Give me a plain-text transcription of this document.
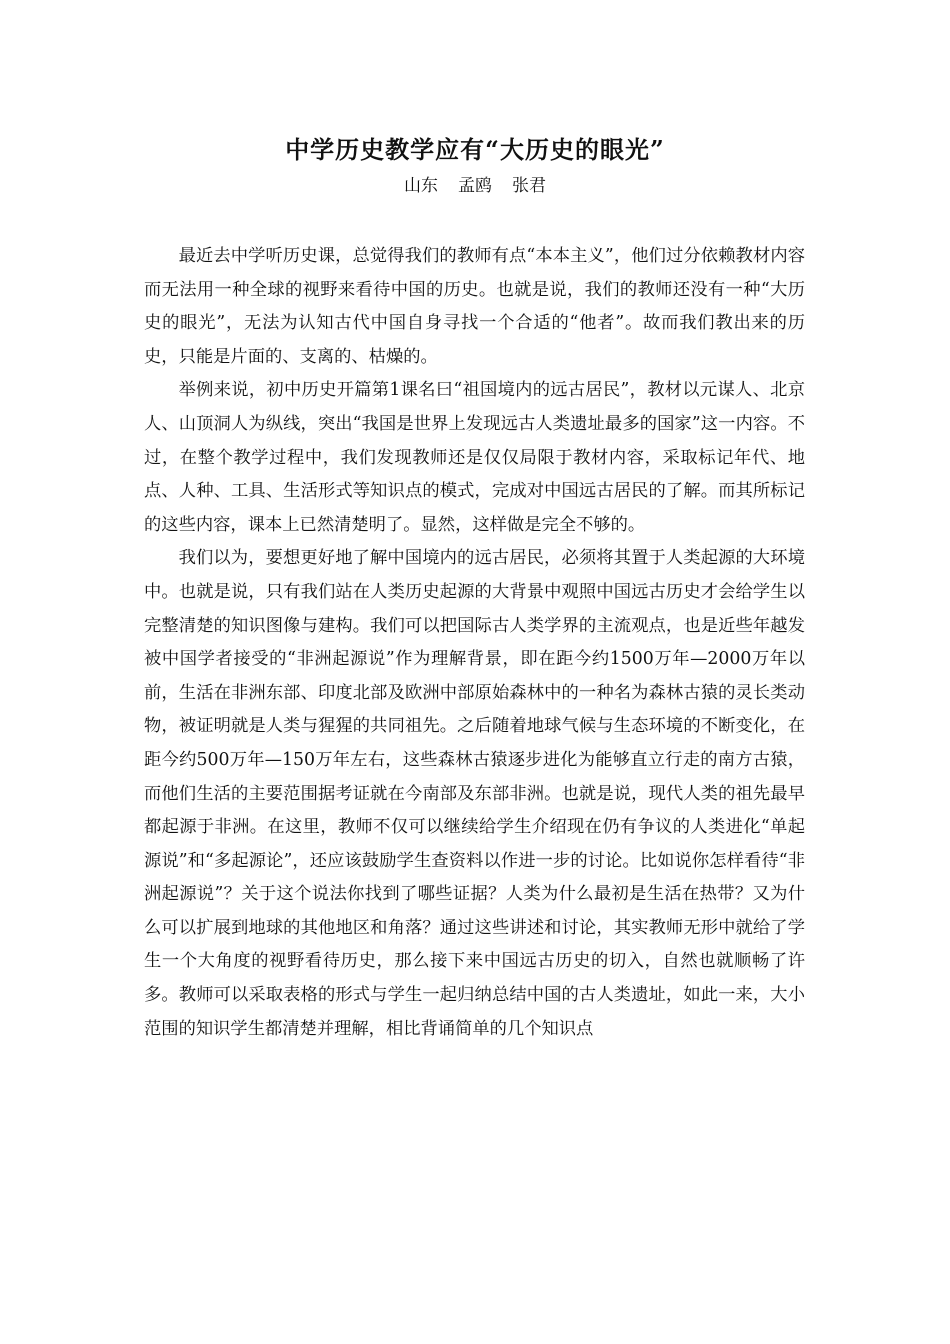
中学历史教学应有“大历史的眼光”
山东 孟鸥 张君

最近去中学听历史课，总觉得我们的教师有点“本本主义”，他们过分依赖教材内容而无法用一种全球的视野来看待中国的历史。也就是说，我们的教师还没有一种“大历史的眼光”，无法为认知古代中国自身寻找一个合适的“他者”。故而我们教出来的历史，只能是片面的、支离的、枯燥的。

举例来说，初中历史开篇第1课名曰“祖国境内的远古居民”，教材以元谋人、北京人、山顶洞人为纵线，突出“我国是世界上发现远古人类遗址最多的国家”这一内容。不过，在整个教学过程中，我们发现教师还是仅仅局限于教材内容，采取标记年代、地点、人种、工具、生活形式等知识点的模式，完成对中国远古居民的了解。而其所标记的这些内容，课本上已然清楚明了。显然，这样做是完全不够的。

我们以为，要想更好地了解中国境内的远古居民，必须将其置于人类起源的大环境中。也就是说，只有我们站在人类历史起源的大背景中观照中国远古历史才会给学生以完整清楚的知识图像与建构。我们可以把国际古人类学界的主流观点，也是近些年越发被中国学者接受的“非洲起源说”作为理解背景，即在距今约1500万年—2000万年以前，生活在非洲东部、印度北部及欧洲中部原始森林中的一种名为森林古猿的灵长类动物，被证明就是人类与猩猩的共同祖先。之后随着地球气候与生态环境的不断变化，在距今约500万年—150万年左右，这些森林古猿逐步进化为能够直立行走的南方古猿，而他们生活的主要范围据考证就在今南部及东部非洲。也就是说，现代人类的祖先最早都起源于非洲。在这里，教师不仅可以继续给学生介绍现在仍有争议的人类进化“单起源说”和“多起源论”，还应该鼓励学生查资料以作进一步的讨论。比如说你怎样看待“非洲起源说”？关于这个说法你找到了哪些证据？人类为什么最初是生活在热带？又为什么可以扩展到地球的其他地区和角落？通过这些讲述和讨论，其实教师无形中就给了学生一个大角度的视野看待历史，那么接下来中国远古历史的切入，自然也就顺畅了许多。教师可以采取表格的形式与学生一起归纳总结中国的古人类遗址，如此一来，大小范围的知识学生都清楚并理解，相比背诵简单的几个知识点
